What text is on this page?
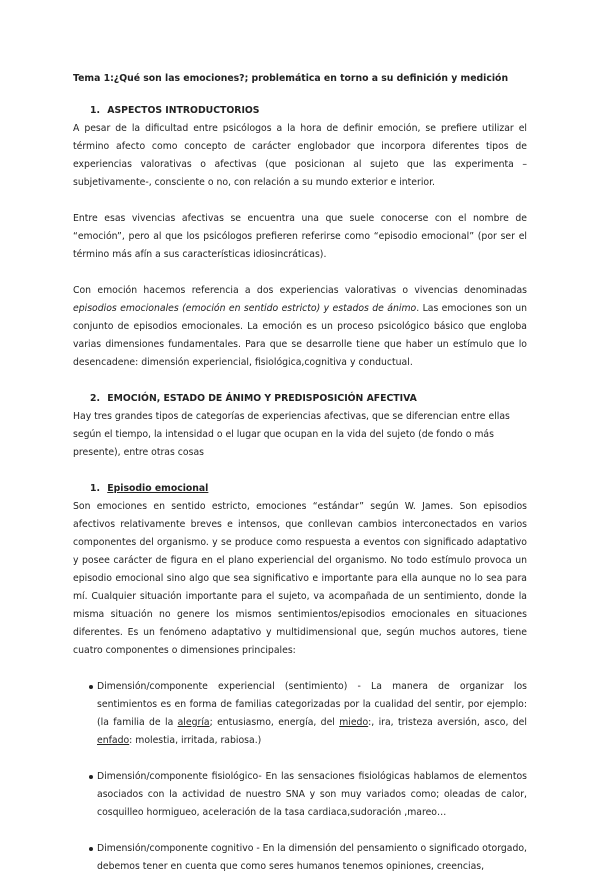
Tema 1:¿Qué son las emociones?; problemática en torno a su definición y medición

1. ASPECTOS INTRODUCTORIOS

A pesar de la dificultad entre psicólogos a la hora de definir emoción, se prefiere utilizar el término afecto como concepto de carácter englobador que incorpora diferentes tipos de experiencias valorativas o afectivas (que posicionan al sujeto que las experimenta –subjetivamente-, consciente o no, con relación a su mundo exterior e interior.

Entre esas vivencias afectivas se encuentra una que suele conocerse con el nombre de “emoción”, pero al que los psicólogos prefieren referirse como “episodio emocional” (por ser el término más afín a sus características idiosincráticas).

Con emoción hacemos referencia a dos experiencias valorativas o vivencias denominadas episodios emocionales (emoción en sentido estricto) y estados de ánimo. Las emociones son un conjunto de episodios emocionales. La emoción es un proceso psicológico básico que engloba varias dimensiones fundamentales. Para que se desarrolle tiene que haber un estímulo que lo desencadene: dimensión experiencial, fisiológica,cognitiva y conductual.

2. EMOCIÓN, ESTADO DE ÁNIMO Y PREDISPOSICIÓN AFECTIVA

Hay tres grandes tipos de categorías de experiencias afectivas, que se diferencian entre ellas según el tiempo, la intensidad o el lugar que ocupan en la vida del sujeto (de fondo o más presente), entre otras cosas

1. Episodio emocional

Son emociones en sentido estricto, emociones “estándar” según W. James. Son episodios afectivos relativamente breves e intensos, que conllevan cambios interconectados en varios componentes del organismo. y se produce como respuesta a eventos con significado adaptativo y posee carácter de figura en el plano experiencial del organismo. No todo estímulo provoca un episodio emocional sino algo que sea significativo e importante para ella aunque no lo sea para mí. Cualquier situación importante para el sujeto, va acompañada de un sentimiento, donde la misma situación no genere los mismos sentimientos/episodios emocionales en situaciones diferentes. Es un fenómeno adaptativo y multidimensional que, según muchos autores, tiene cuatro componentes o dimensiones principales:

Dimensión/componente experiencial (sentimiento) - La manera de organizar los sentimientos es en forma de familias categorizadas por la cualidad del sentir, por ejemplo: (la familia de la alegría; entusiasmo, energía, del miedo:, ira, tristeza aversión, asco, del enfado: molestia, irritada, rabiosa.)
Dimensión/componente fisiológico- En las sensaciones fisiológicas hablamos de elementos asociados con la actividad de nuestro SNA y son muy variados como; oleadas de calor, cosquilleo hormigueo, aceleración de la tasa cardiaca,sudoración ,mareo…
Dimensión/componente cognitivo - En la dimensión del pensamiento o significado otorgado, debemos tener en cuenta que como seres humanos tenemos opiniones, creencias,
